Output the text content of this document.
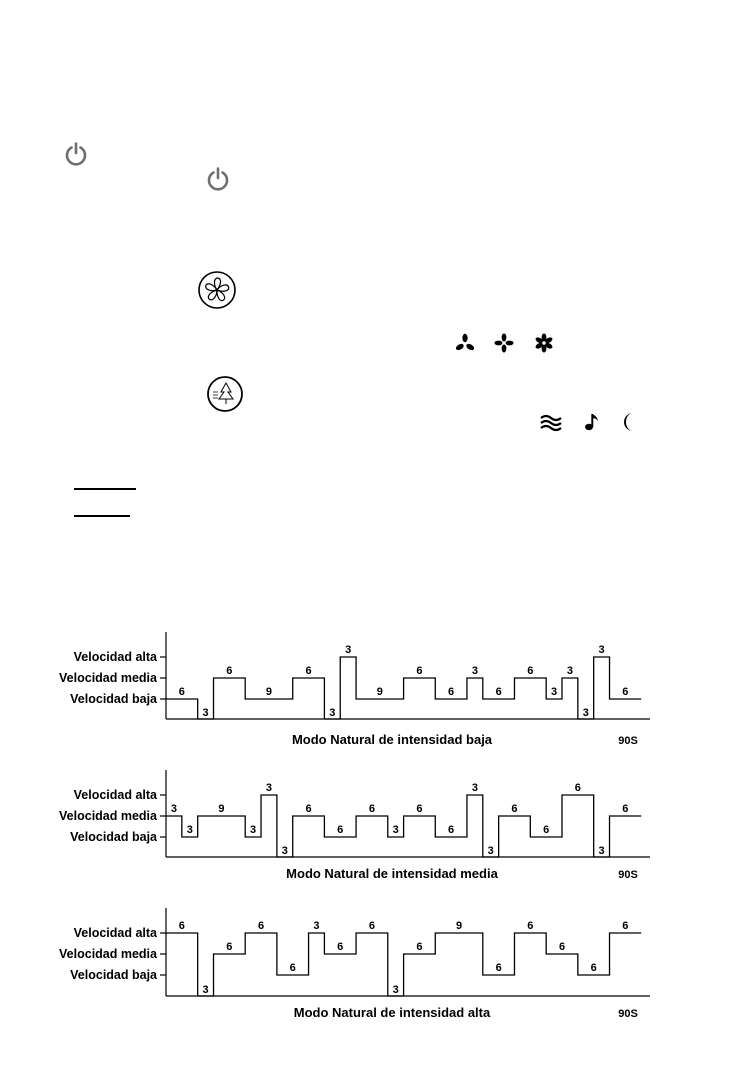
Velocidad baja
Velocidad media
Velocidad alta
6
3
6
9
6
3
3
9
6
6
3
6
6
3
3
3
3
6
Modo Natural de intensidad baja	90S
Velocidad baja
Velocidad media
Velocidad alta
3
3
9
3
3
3
6
6
6
3
6
6
3
3
6
6
6
3
6
Modo Natural de intensidad media	90S
Velocidad baja
Velocidad media
Velocidad alta 6
3
6
6
6
3
6
6
3
6
9
6
6
6
6
6
Modo Natural de intensidad alta	90S
